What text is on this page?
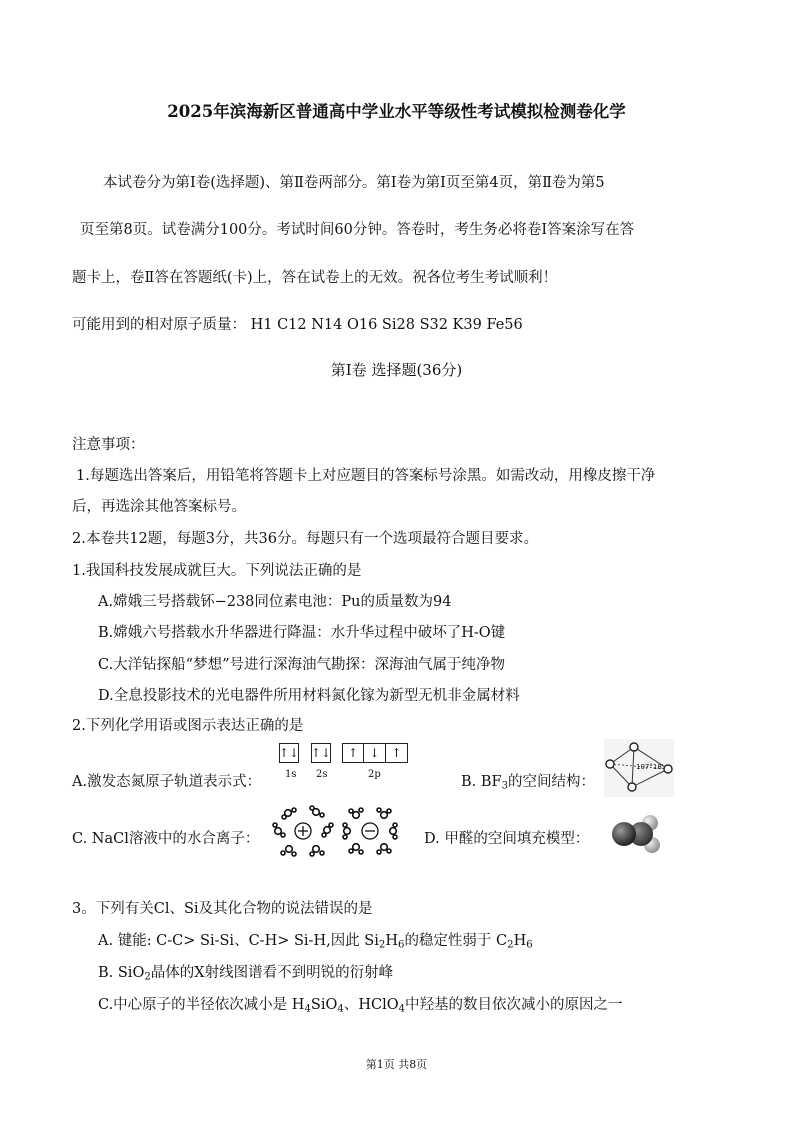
2025年滨海新区普通高中学业水平等级性考试模拟检测卷化学
本试卷分为第Ⅰ卷(选择题)、第Ⅱ卷两部分。第Ⅰ卷为第Ⅰ页至第4页，第Ⅱ卷为第5
页至第8页。试卷满分100分。考试时间60分钟。答卷时，考生务必将卷Ⅰ答案涂写在答
题卡上，卷Ⅱ答在答题纸(卡)上，答在试卷上的无效。祝各位考生考试顺利！
可能用到的相对原子质量： H1 C12 N14 O16 Si28 S32 K39 Fe56
第Ⅰ卷 选择题(36分)
注意事项：
1.每题选出答案后，用铅笔将答题卡上对应题目的答案标号涂黑。如需改动，用橡皮擦干净
后，再选涂其他答案标号。
2.本卷共12题，每题3分，共36分。每题只有一个选项最符合题目要求。
1.我国科技发展成就巨大。下列说法正确的是
A.嫦娥三号搭载钚−238同位素电池：Pu的质量数为94
B.嫦娥六号搭载水升华器进行降温：水升华过程中破坏了H-O键
C.大洋钻探船“梦想”号进行深海油气勘探：深海油气属于纯净物
D.全息投影技术的光电器件所用材料氮化镓为新型无机非金属材料
2.下列化学用语或图示表达正确的是
A.激发态氮原子轨道表示式：
↑↓ ↑↓	↑ ↓ ↑
1s 2s	2p	B. $BF_3$的空间结构：
107°18'
C. NaCl溶液中的水合离子：	D. 甲醛的空间填充模型：
3。下列有关Cl、Si及其化合物的说法错误的是
A. 键能: C-C> Si-Si、C-H> Si-H,因此 $Si_2H_6$的稳定性弱于 $C_2H_6$
B. SiO$_2$晶体的X射线图谱看不到明锐的衍射峰
C.中心原子的半径依次减小是 $H_4SiO_4$、HClO$_4$中羟基的数目依次减小的原因之一
第1页 共8页
